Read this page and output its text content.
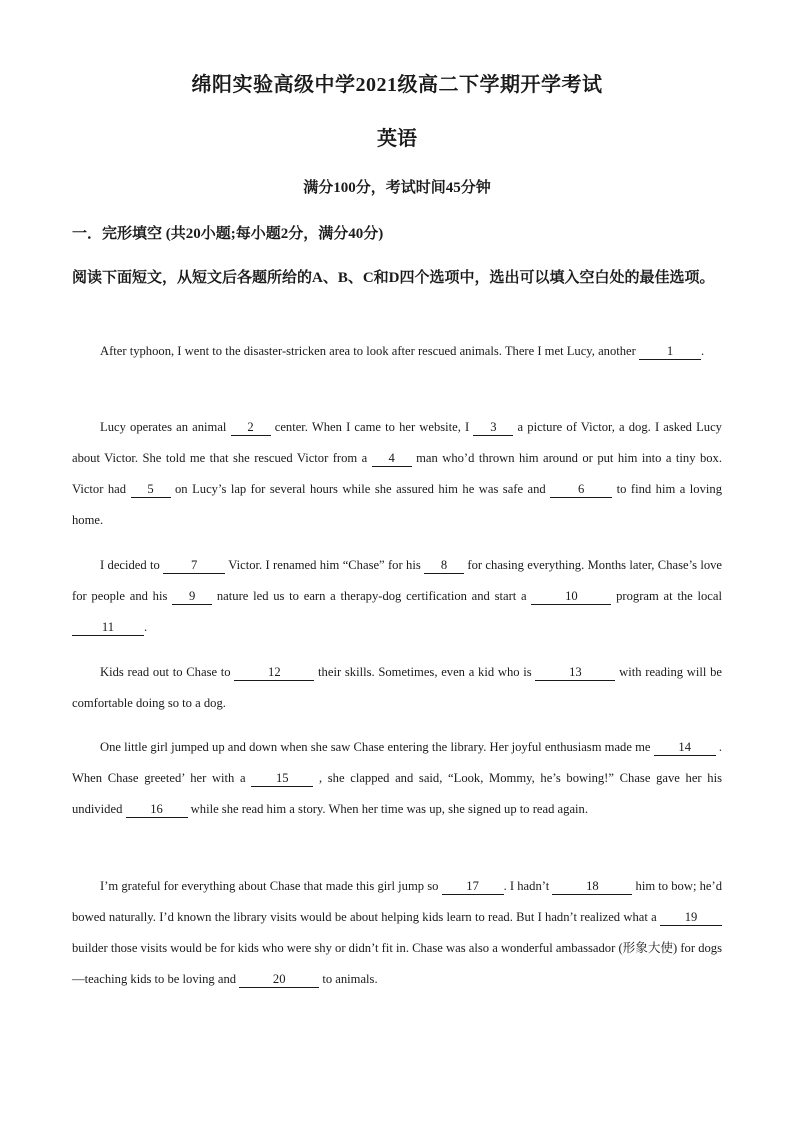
绵阳实验高级中学2021级高二下学期开学考试
英语
满分100分，考试时间45分钟
一．完形填空 (共20小题;每小题2分，满分40分)
阅读下面短文，从短文后各题所给的A、B、C和D四个选项中，选出可以填入空白处的最佳选项。
After typhoon, I went to the disaster-stricken area to look after rescued animals. There I met Lucy, another 1 .
Lucy operates an animal 2 center. When I came to her website, I 3 a picture of Victor, a dog. I asked Lucy about Victor. She told me that she rescued Victor from a 4 man who’d thrown him around or put him into a tiny box. Victor had 5 on Lucy’s lap for several hours while she assured him he was safe and 6 to find him a loving home.
I decided to 7 Victor. I renamed him “Chase” for his 8 for chasing everything. Months later, Chase’s love for people and his 9 nature led us to earn a therapy-dog certification and start a	10	program at the local 11 .
Kids read out to Chase to	12	their skills. Sometimes, even a kid who is	13	with reading will be comfortable doing so to a dog.
One little girl jumped up and down when she saw Chase entering the library. Her joyful enthusiasm made me 14 . When Chase greeted’ her with a 15 , she clapped and said, “Look, Mommy, he’s bowing!” Chase gave her his undivided 16 while she read him a story. When her time was up, she signed up to read again.
I’m grateful for everything about Chase that made this girl jump so 17 . I hadn’t	18	him to bow; he’d bowed naturally. I’d known the library visits would be about helping kids learn to read. But I hadn’t realized what a 19 builder those visits would be for kids who were shy or didn’t fit in. Chase was also a wonderful ambassador (形象大使) for dogs—teaching kids to be loving and	20	to animals.
